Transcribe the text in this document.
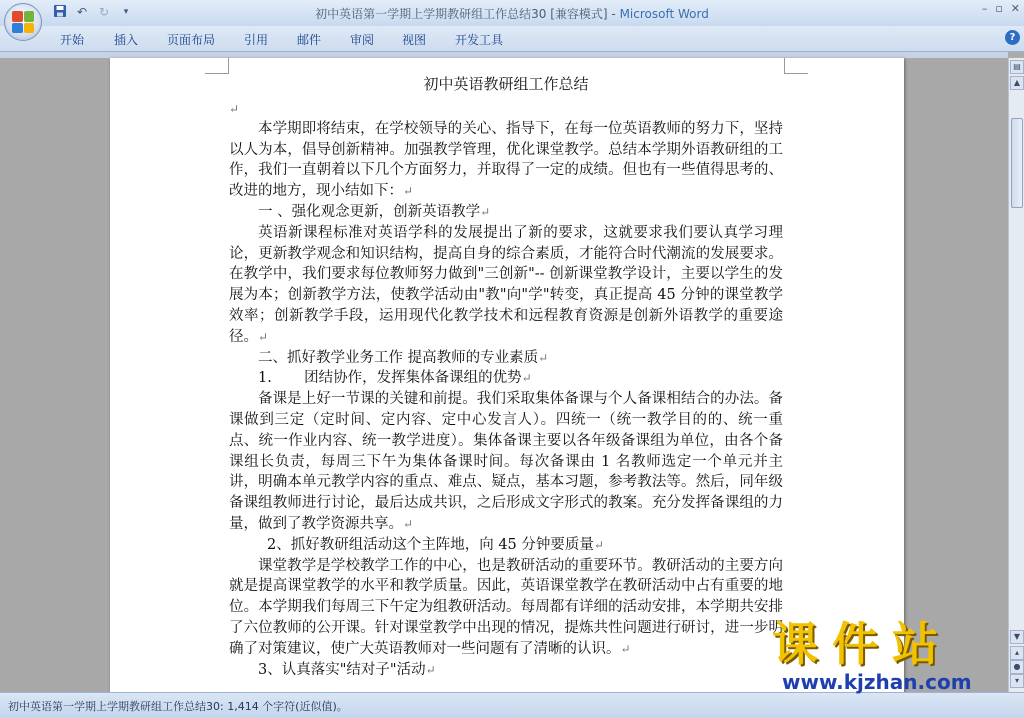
↶ ↻	▾	初中英语第一学期上学期教研组工作总结30 [兼容模式] - Microsoft Word	– ▫ ✕
开始 插入 页面布局 引用 邮件 审阅 视图 开发工具	?

初中英语教研组工作总结

↵

本学期即将结束，在学校领导的关心、指导下，在每一位英语教师的努力下，坚持以人为本，倡导创新精神。加强教学管理，优化课堂教学。总结本学期外语教研组的工作，我们一直朝着以下几个方面努力，并取得了一定的成绩。但也有一些值得思考的、改进的地方，现小结如下：↵

一 、强化观念更新，创新英语教学↵

英语新课程标准对英语学科的发展提出了新的要求，这就要求我们要认真学习理论，更新教学观念和知识结构，提高自身的综合素质，才能符合时代潮流的发展要求。在教学中，我们要求每位教师努力做到"三创新"-- 创新课堂教学设计，主要以学生的发展为本；创新教学方法，使教学活动由"教"向"学"转变，真正提高 45 分钟的课堂教学效率；创新教学手段，运用现代化教学技术和远程教育资源是创新外语教学的重要途径。↵

二、抓好教学业务工作 提高教师的专业素质↵

1.       团结协作，发挥集体备课组的优势↵

备课是上好一节课的关键和前提。我们采取集体备课与个人备课相结合的办法。备课做到三定（定时间、定内容、定中心发言人）。四统一（统一教学目的的、统一重点、统一作业内容、统一教学进度）。集体备课主要以各年级备课组为单位，由各个备课组长负责，每周三下午为集体备课时间。每次备课由 1 名教师选定一个单元并主讲，明确本单元教学内容的重点、难点、疑点，基本习题，参考教法等。然后，同年级备课组教师进行讨论，最后达成共识，之后形成文字形式的教案。充分发挥备课组的力量，做到了教学资源共享。↵

2、抓好教研组活动这个主阵地，向 45 分钟要质量↵

课堂教学是学校教学工作的中心，也是教研活动的重要环节。教研活动的主要方向就是提高课堂教学的水平和教学质量。因此，英语课堂教学在教研活动中占有重要的地位。本学期我们每周三下午定为组教研活动。每周都有详细的活动安排，本学期共安排了六位教师的公开课。针对课堂教学中出现的情况，提炼共性问题进行研讨，进一步明确了对策建议，使广大英语教师对一些问题有了清晰的认识。↵

3、认真落实"结对子"活动↵

▤
▲
▼
▴
●
▾
初中英语第一学期上学期教研组工作总结30: 1,414 个字符(近似值)。
课件站
www.kjzhan.com
